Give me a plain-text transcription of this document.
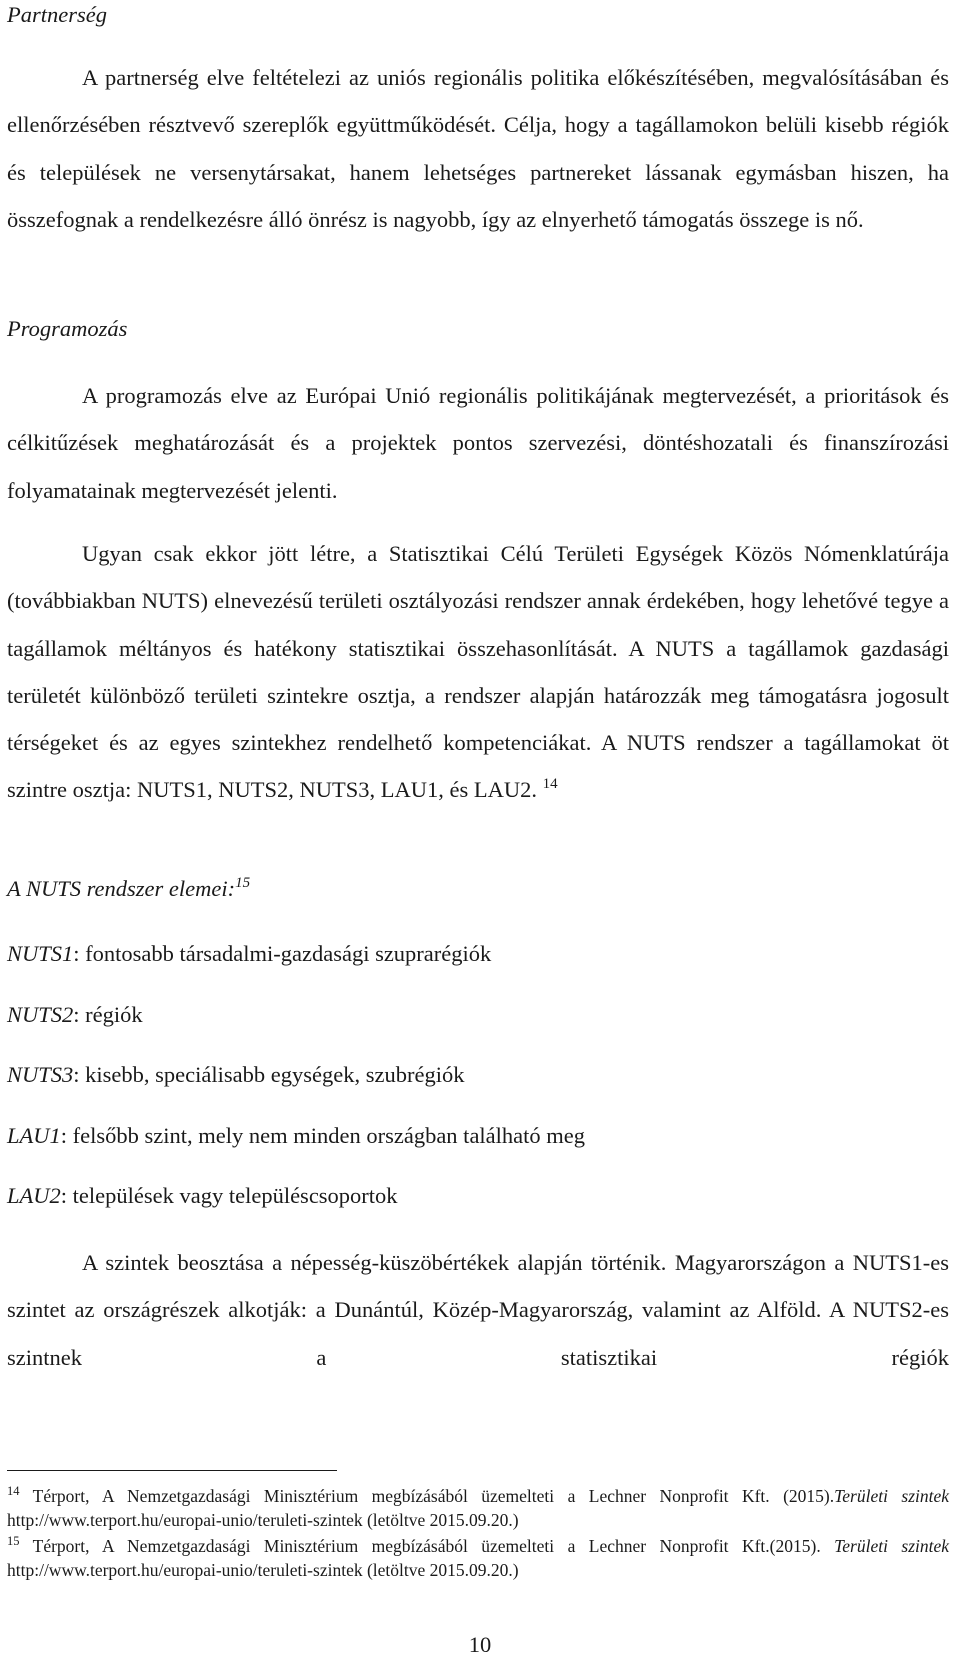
Partnerség

A partnerség elve feltételezi az uniós regionális politika előkészítésében, megvalósításában és ellenőrzésében résztvevő szereplők együttműködését. Célja, hogy a tagállamokon belüli kisebb régiók és települések ne versenytársakat, hanem lehetséges partnereket lássanak egymásban hiszen, ha összefognak a rendelkezésre álló önrész is nagyobb, így az elnyerhető támogatás összege is nő.

Programozás

A programozás elve az Európai Unió regionális politikájának megtervezését, a prioritások és célkitűzések meghatározását és a projektek pontos szervezési, döntéshozatali és finanszírozási folyamatainak megtervezését jelenti.

Ugyan csak ekkor jött létre, a Statisztikai Célú Területi Egységek Közös Nómenklatúrája (továbbiakban NUTS) elnevezésű területi osztályozási rendszer annak érdekében, hogy lehetővé tegye a tagállamok méltányos és hatékony statisztikai összehasonlítását. A NUTS a tagállamok gazdasági területét különböző területi szintekre osztja, a rendszer alapján határozzák meg támogatásra jogosult térségeket és az egyes szintekhez rendelhető kompetenciákat. A NUTS rendszer a tagállamokat öt szintre osztja: NUTS1, NUTS2, NUTS3, LAU1, és LAU2. $^{14}$

A NUTS rendszer elemei:$^{15}$
NUTS1: fontosabb társadalmi-gazdasági szuprarégiók
NUTS2: régiók
NUTS3: kisebb, speciálisabb egységek, szubrégiók
LAU1: felsőbb szint, mely nem minden országban található meg
LAU2: települések vagy településcsoportok

A szintek beosztása a népesség-küszöbértékek alapján történik. Magyarországon a NUTS1-es szintet az országrészek alkotják: a Dunántúl, Közép-Magyarország, valamint az Alföld. A NUTS2-es szintnek a statisztikai régiók

$^{14}$ Térport, A Nemzetgazdasági Minisztérium megbízásából üzemelteti a Lechner Nonprofit Kft. (2015).Területi szintek http://www.terport.hu/europai-unio/teruleti-szintek (letöltve 2015.09.20.)

$^{15}$ Térport, A Nemzetgazdasági Minisztérium megbízásából üzemelteti a Lechner Nonprofit Kft.(2015). Területi szintek http://www.terport.hu/europai-unio/teruleti-szintek (letöltve 2015.09.20.)

10
